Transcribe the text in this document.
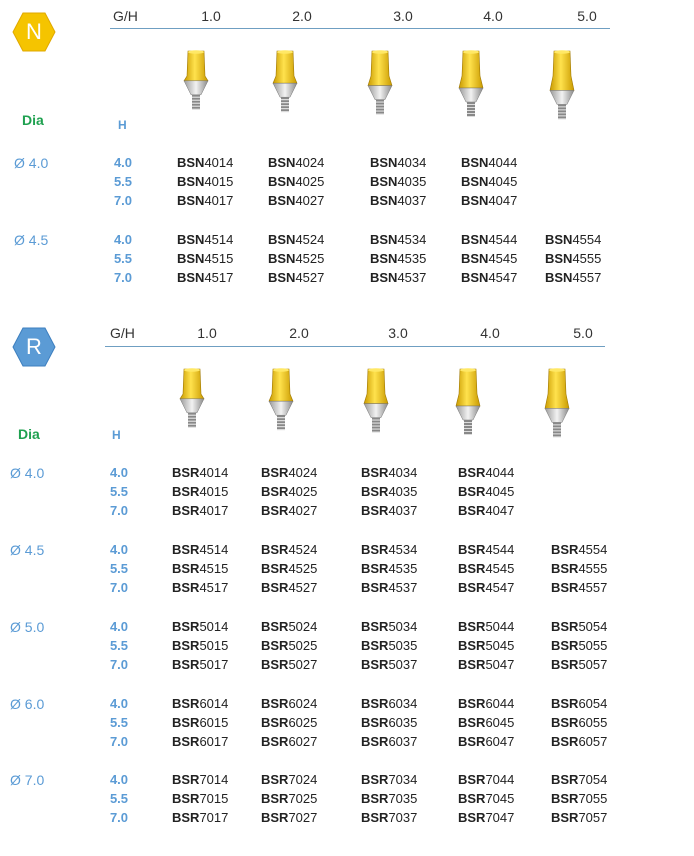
N
G/H	1.0	2.0	3.0	4.0	5.0
Dia	H
Ø 4.0	4.0	BSN4014	BSN4024	BSN4034	BSN4044
5.5	BSN4015	BSN4025	BSN4035	BSN4045
7.0	BSN4017	BSN4027	BSN4037	BSN4047
Ø 4.5	4.0	BSN4514	BSN4524	BSN4534	BSN4544 BSN4554
5.5	BSN4515	BSN4525	BSN4535	BSN4545 BSN4555
7.0	BSN4517	BSN4527	BSN4537	BSN4547 BSN4557
R
G/H	1.0	2.0	3.0	4.0	5.0
Dia	H
Ø 4.0	4.0	BSR4014	BSR4024	BSR4034	BSR4044
5.5	BSR4015	BSR4025	BSR4035	BSR4045
7.0	BSR4017	BSR4027	BSR4037	BSR4047
Ø 4.5	4.0	BSR4514	BSR4524	BSR4534	BSR4544	BSR4554
5.5	BSR4515	BSR4525	BSR4535	BSR4545	BSR4555
7.0	BSR4517	BSR4527	BSR4537	BSR4547	BSR4557
Ø 5.0	4.0	BSR5014	BSR5024	BSR5034	BSR5044	BSR5054
5.5	BSR5015	BSR5025	BSR5035	BSR5045	BSR5055
7.0	BSR5017	BSR5027	BSR5037	BSR5047	BSR5057
Ø 6.0	4.0	BSR6014	BSR6024	BSR6034	BSR6044	BSR6054
5.5	BSR6015	BSR6025	BSR6035	BSR6045	BSR6055
7.0	BSR6017	BSR6027	BSR6037	BSR6047	BSR6057
Ø 7.0	4.0	BSR7014	BSR7024	BSR7034	BSR7044	BSR7054
5.5	BSR7015	BSR7025	BSR7035	BSR7045	BSR7055
7.0	BSR7017	BSR7027	BSR7037	BSR7047	BSR7057
